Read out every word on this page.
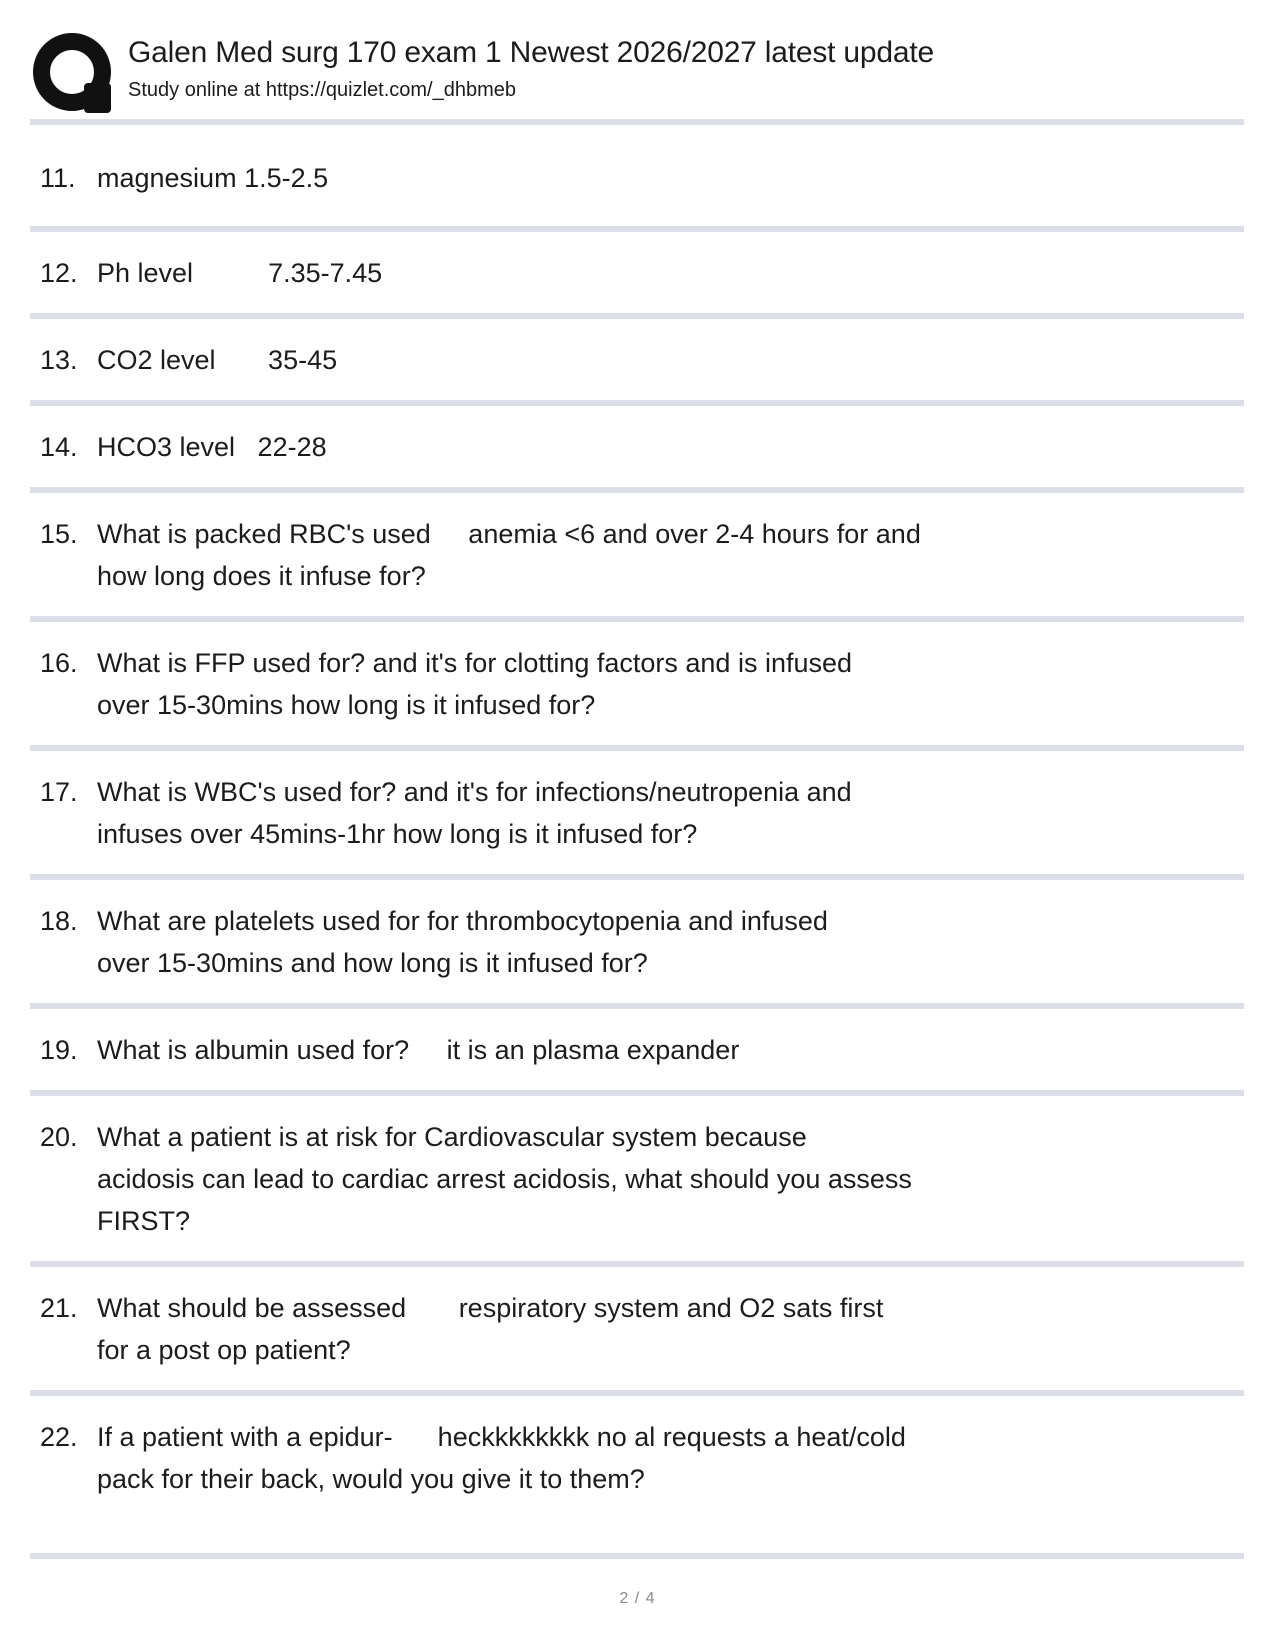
Galen Med surg 170 exam 1 Newest 2026/2027 latest update
Study online at https://quizlet.com/_dhbmeb
11. magnesium 1.5-2.5
12. Ph level          7.35-7.45
13. CO2 level       35-45
14. HCO3 level   22-28
15. What is packed RBC's used     anemia <6 and over 2-4 hours for and
how long does it infuse for?
16. What is FFP used for? and it's for clotting factors and is infused
over 15-30mins how long is it infused for?
17. What is WBC's used for? and it's for infections/neutropenia and
infuses over 45mins-1hr how long is it infused for?
18. What are platelets used for for thrombocytopenia and infused
over 15-30mins and how long is it infused for?
19. What is albumin used for?     it is an plasma expander
20. What a patient is at risk for Cardiovascular system because
acidosis can lead to cardiac arrest acidosis, what should you assess
FIRST?
21. What should be assessed       respiratory system and O2 sats first
for a post op patient?
22. If a patient with a epidur-      heckkkkkkkk no al requests a heat/cold
pack for their back, would you give it to them?
2 / 4
